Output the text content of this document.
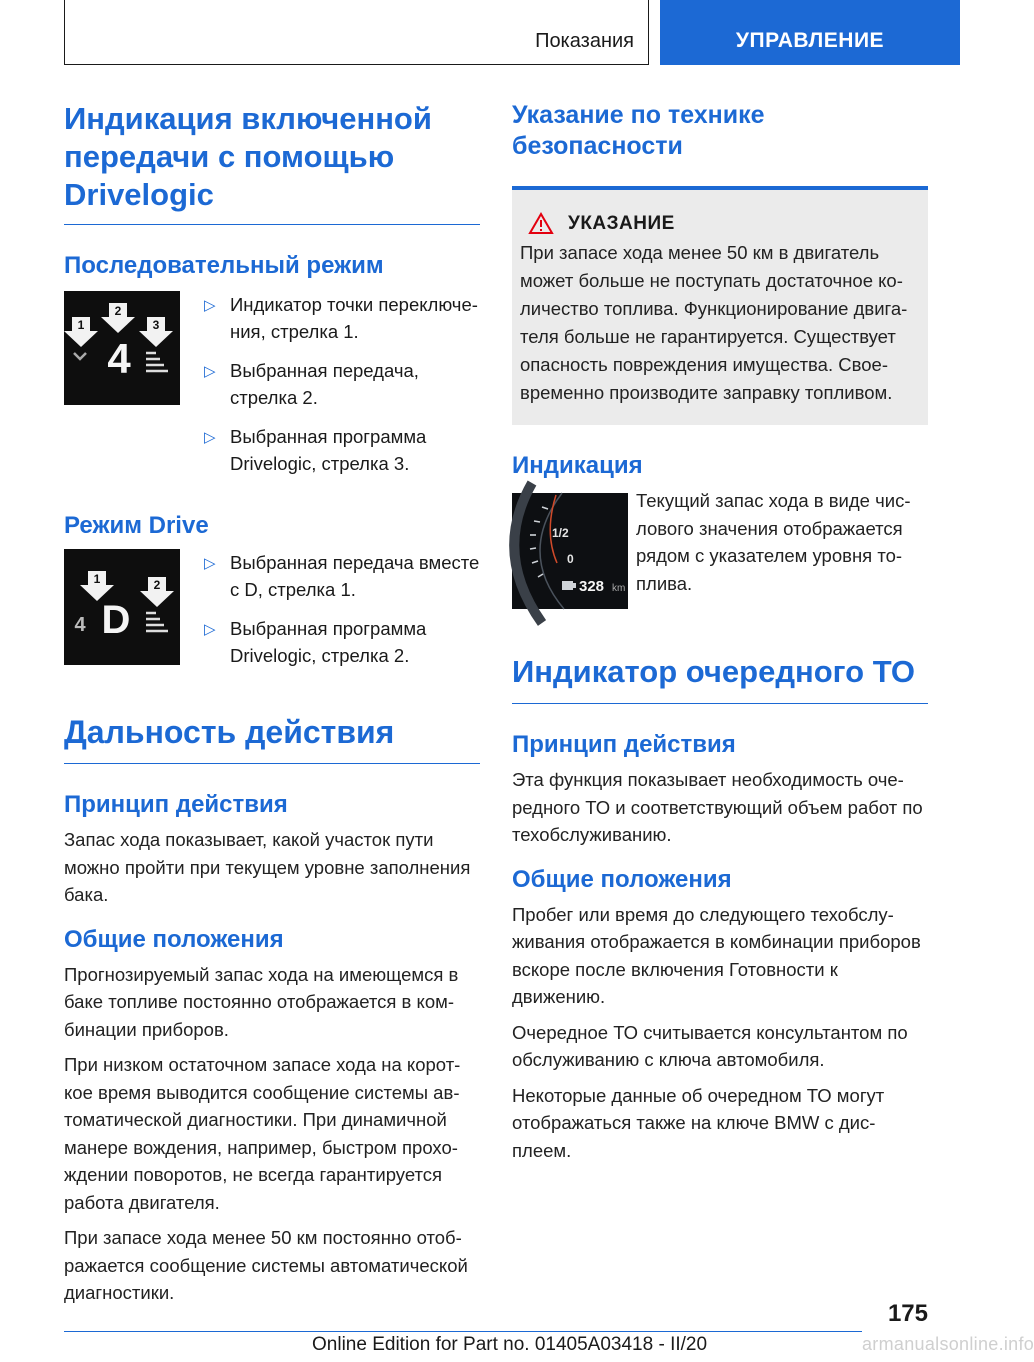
Показания	УПРАВЛЕНИЕ
Индикация включенной передачи с помощью Drivelogic
Последовательный режим
1
2
3
4
▷ Индикатор точки переключения, стрелка 1.
▷ Выбранная передача, стрелка 2.
▷ Выбранная программа Drivelogic, стрелка 3.
Режим Drive
1	2
4 D
▷ Выбранная передача вместе с D, стрелка 1.
▷ Выбранная программа Drivelogic, стрелка 2.
Дальность действия
Принцип действия

Запас хода показывает, какой участок пути можно пройти при текущем уровне заполнения бака.

Общие положения

Прогнозируемый запас хода на имеющемся в баке топливе постоянно отображается в комбинации приборов.

При низком остаточном запасе хода на короткое время выводится сообщение системы автоматической диагностики. При динамичной манере вождения, например, быстром прохождении поворотов, не всегда гарантируется работа двигателя.

При запасе хода менее 50 км постоянно отображается сообщение системы автоматической диагностики.

Указание по технике безопасности
УКАЗАНИЕ

При запасе хода менее 50 км в двигатель может больше не поступать достаточное количество топлива. Функционирование двигателя больше не гарантируется. Существует опасность повреждения имущества. Своевременно производите заправку топливом.

Индикация
1/2
0
328 km

Текущий запас хода в виде числового значения отображается рядом с указателем уровня топлива.

Индикатор очередного ТО
Принцип действия

Эта функция показывает необходимость очередного ТО и соответствующий объем работ по техобслуживанию.

Общие положения

Пробег или время до следующего техобслуживания отображается в комбинации приборов вскоре после включения Готовности к движению.

Очередное ТО считывается консультантом по обслуживанию с ключа автомобиля.

Некоторые данные об очередном ТО могут отображаться также на ключе BMW с дисплеем.

175
Online Edition for Part no. 01405A03418 - II/20	armanualsonline.info
